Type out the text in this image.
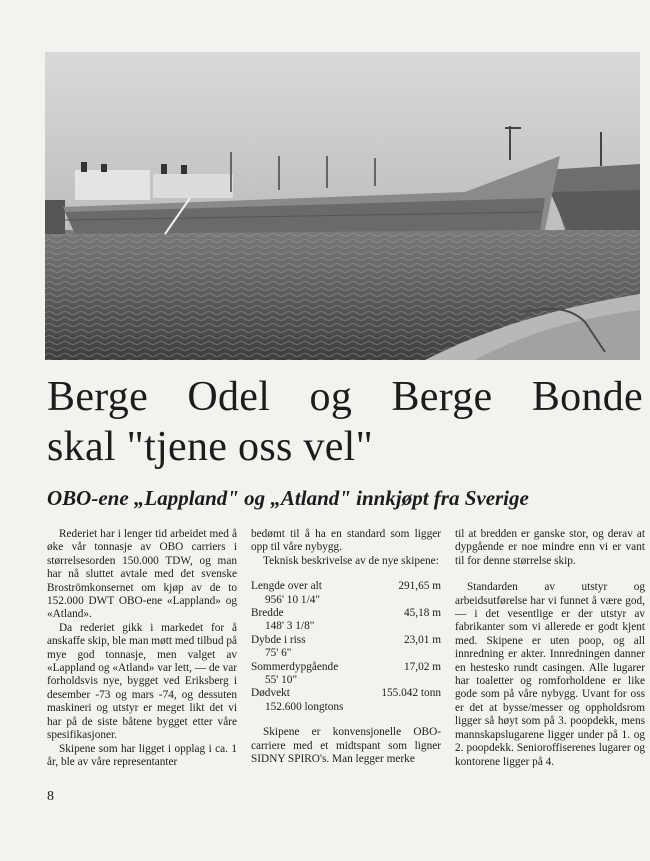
Berge Odel og Berge Bonde
skal "tjene oss vel"
OBO-ene „Lappland" og „Atland" innkjøpt fra Sverige

Rederiet har i lenger tid arbeidet med å øke vår tonnasje av OBO carriers i størrelsesorden 150.000 TDW, og man har nå sluttet avtale med det svenske Broströmkonsernet om kjøp av de to 152.000 DWT OBO-ene «Lappland» og «Atland».

Da rederiet gikk i markedet for å anskaffe skip, ble man møtt med tilbud på mye god tonnasje, men valget av «Lappland og «Atland» var lett, — de var forholdsvis nye, bygget ved Eriksberg i desember -73 og mars -74, og dessuten maskineri og utstyr er meget likt det vi har på de siste båtene bygget etter våre spesifikasjoner.

Skipene som har ligget i opplag i ca. 1 år, ble av våre representanter

bedømt til å ha en standard som ligger opp til våre nybygg.

Teknisk beskrivelse av de nye skipene:

Lengde over alt	291,65 m
956' 10 1/4"
Bredde	45,18 m
148' 3 1/8"
Dybde i riss	23,01 m
75' 6"
Sommerdypgående	17,02 m
55' 10"
Dødvekt	155.042 tonn
152.600 longtons

Skipene er konvensjonelle OBO-carriere med et midtspant som ligner SIDNY SPIRO's. Man legger merke

til at bredden er ganske stor, og derav at dypgående er noe mindre enn vi er vant til for denne størrelse skip.

Standarden av utstyr og arbeidsutførelse har vi funnet å være god, — i det vesentlige er der utstyr av fabrikanter som vi allerede er godt kjent med. Skipene er uten poop, og all innredning er akter. Innredningen danner en hestesko rundt casingen. Alle lugarer har toaletter og romforholdene er like gode som på våre nybygg. Uvant for oss er det at bysse/messer og oppholdsrom ligger så høyt som på 3. poopdekk, mens mannskapslugarene ligger under på 1. og 2. poopdekk. Senioroffiserenes lugarer og kontorene ligger på 4.

8
